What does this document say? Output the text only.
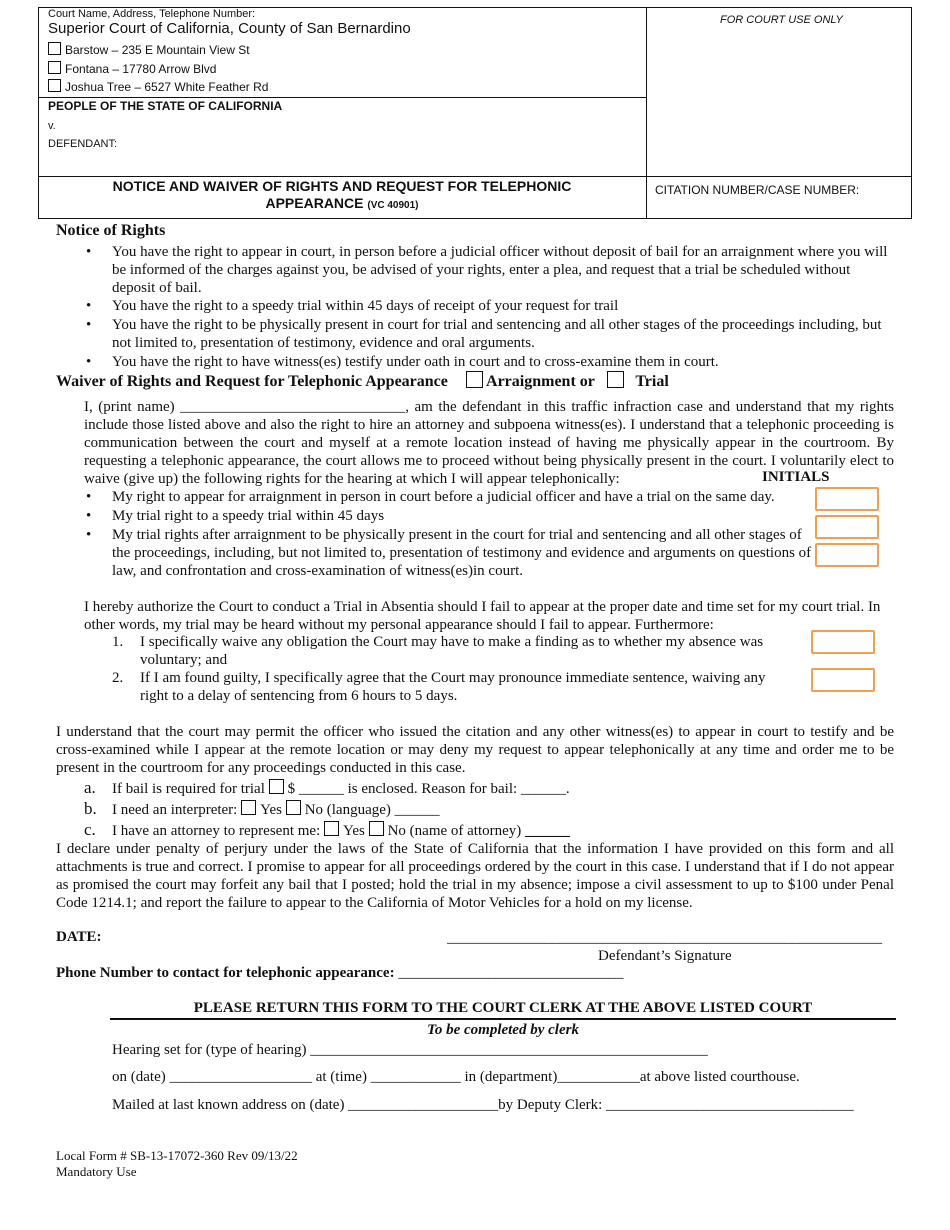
Court Name, Address, Telephone Number:
Superior Court of California, County of San Bernardino
Barstow – 235 E Mountain View St
Fontana – 17780 Arrow Blvd
Joshua Tree – 6527 White Feather Rd
FOR COURT USE ONLY
PEOPLE OF THE STATE OF CALIFORNIA
v.
DEFENDANT:
NOTICE AND WAIVER OF RIGHTS AND REQUEST FOR TELEPHONIC
APPEARANCE (VC 40901)
CITATION NUMBER/CASE NUMBER:
Notice of Rights
• You have the right to appear in court, in person before a judicial officer without deposit of bail for an arraignment where you will be informed of the charges against you, be advised of your rights, enter a plea, and request that a trial be scheduled without deposit of bail.
• You have the right to a speedy trial within 45 days of receipt of your request for trail
• You have the right to be physically present in court for trial and sentencing and all other stages of the proceedings including, but not limited to, presentation of testimony, evidence and oral arguments.
• You have the right to have witness(es) testify under oath in court and to cross-examine them in court.
Waiver of Rights and Request for Telephonic Appearance Arraignment or	Trial

I, (print name) ______________________________, am the defendant in this traffic infraction case and understand that my rights include those listed above and also the right to hire an attorney and subpoena witness(es). I understand that a telephonic proceeding is communication between the court and myself at a remote location instead of having me physically appear in the courtroom. By requesting a telephonic appearance, the court allows me to proceed without being physically present in the court. I voluntarily elect to waive (give up) the following rights for the hearing at which I will appear telephonically:	INITIALS
• My right to appear for arraignment in person in court before a judicial officer and have a trial on the same day.
• My trial right to a speedy trial within 45 days
• My trial rights after arraignment to be physically present in the court for trial and sentencing and all other stages of the proceedings, including, but not limited to, presentation of testimony and evidence and arguments on questions of law, and confrontation and cross-examination of witness(es)in court.

I hereby authorize the Court to conduct a Trial in Absentia should I fail to appear at the proper date and time set for my court trial. In other words, my trial may be heard without my personal appearance should I fail to appear. Furthermore:

1. I specifically waive any obligation the Court may have to make a finding as to whether my absence was voluntary; and
2. If I am found guilty, I specifically agree that the Court may pronounce immediate sentence, waiving any right to a delay of sentencing from 6 hours to 5 days.

I understand that the court may permit the officer who issued the citation and any other witness(es) to appear in court to testify and be cross-examined while I appear at the remote location or may deny my request to appear telephonically at any time and order me to be present in the courtroom for any proceedings conducted in this case.

a. If bail is required for trial $ ______ is enclosed. Reason for bail: ______.
b. I need an interpreter: Yes No (language) ______
c. I have an attorney to represent me: Yes No (name of attorney) ______

I declare under penalty of perjury under the laws of the State of California that the information I have provided on this form and all attachments is true and correct. I promise to appear for all proceedings ordered by the court in this case. I understand that if I do not appear as promised the court may forfeit any bail that I posted; hold the trial in my absence; impose a civil assessment to up to $100 under Penal Code 1214.1; and report the failure to appear to the California of Motor Vehicles for a hold on my license.

DATE:	__________________________________________________________
Defendant’s Signature
Phone Number to contact for telephonic appearance: ______________________________
PLEASE RETURN THIS FORM TO THE COURT CLERK AT THE ABOVE LISTED COURT
To be completed by clerk
Hearing set for (type of hearing) _____________________________________________________
on (date) ___________________ at (time) ____________ in (department)___________at above listed courthouse.
Mailed at last known address on (date) ____________________by Deputy Clerk: _________________________________
Local Form # SB-13-17072-360 Rev 09/13/22
Mandatory Use
